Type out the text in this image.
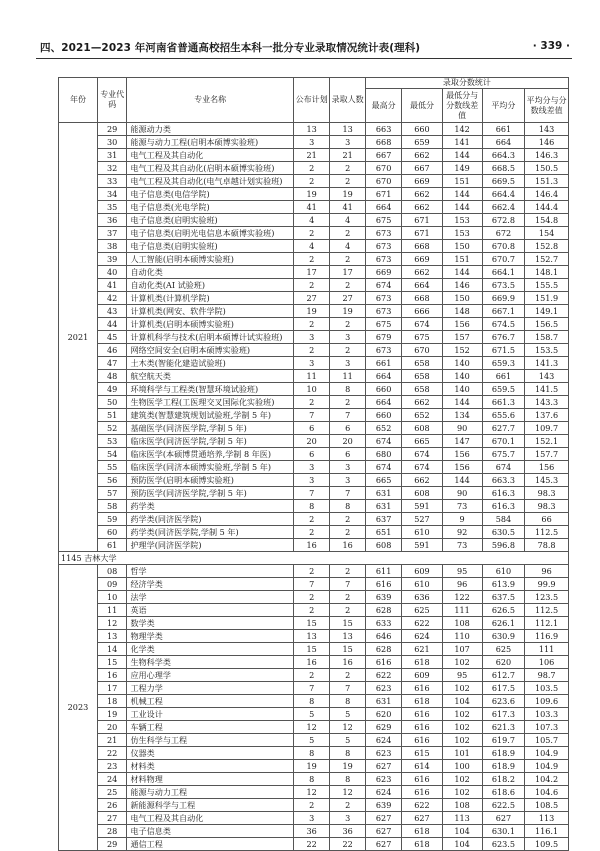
四、2021—2023 年河南省普通高校招生本科一批分专业录取情况统计表(理科)	· 339 ·
年份	专业代码	专业名称	公布计划	录取人数	录取分数统计				
					最高分	最低分	最低分与分数线差值	平均分	平均分与分数线差值
2021	29	能源动力类	13	13	663	660	142	661	143
	30	能源与动力工程(启明本硕博实验班)	3	3	668	659	141	664	146
	31	电气工程及其自动化	21	21	667	662	144	664.3	146.3
	32	电气工程及其自动化(启明本硕博实验班)	2	2	670	667	149	668.5	150.5
	33	电气工程及其自动化(电气卓越计划实验班)	2	2	670	669	151	669.5	151.3
	34	电子信息类(电信学院)	19	19	671	662	144	664.4	146.4
	35	电子信息类(光电学院)	41	41	664	662	144	662.4	144.4
	36	电子信息类(启明实验班)	4	4	675	671	153	672.8	154.8
	37	电子信息类(启明光电信息本硕博实验班)	2	2	673	671	153	672	154
	38	电子信息类(启明实验班)	4	4	673	668	150	670.8	152.8
	39	人工智能(启明本硕博实验班)	2	2	673	669	151	670.7	152.7
	40	自动化类	17	17	669	662	144	664.1	148.1
	41	自动化类(AI 试验班)	2	2	674	664	146	673.5	155.5
	42	计算机类(计算机学院)	27	27	673	668	150	669.9	151.9
	43	计算机类(网安、软件学院)	19	19	673	666	148	667.1	149.1
	44	计算机类(启明本硕博实验班)	2	2	675	674	156	674.5	156.5
	45	计算机科学与技术(启明本硕博计试实验班)	3	3	679	675	157	676.7	158.7
	46	网络空间安全(启明本硕博实验班)	2	2	673	670	152	671.5	153.5
	47	土木类(智能化建造试验班)	3	3	661	658	140	659.3	141.3
	48	航空航天类	11	11	664	658	140	661	143
	49	环境科学与工程类(智慧环境试验班)	10	8	660	658	140	659.5	141.5
	50	生物医学工程(工医理交叉国际化实验班)	2	2	664	662	144	661.3	143.3
	51	建筑类(智慧建筑规划试验班,学制 5 年)	7	7	660	652	134	655.6	137.6
	52	基础医学(同济医学院,学制 5 年)	6	6	652	608	90	627.7	109.7
	53	临床医学(同济医学院,学制 5 年)	20	20	674	665	147	670.1	152.1
	54	临床医学(本硕博贯通培养,学制 8 年医)	6	6	680	674	156	675.7	157.7
	55	临床医学(同济本硕博实验班,学制 5 年)	3	3	674	674	156	674	156
	56	预防医学(启明本硕博实验班)	3	3	665	662	144	663.3	145.3
	57	预防医学(同济医学院,学制 5 年)	7	7	631	608	90	616.3	98.3
	58	药学类	8	8	631	591	73	616.3	98.3
	59	药学类(同济医学院)	2	2	637	527	9	584	66
	60	药学类(同济医学院,学制 5 年)	2	2	651	610	92	630.5	112.5
	61	护理学(同济医学院)	16	16	608	591	73	596.8	78.8
1145 吉林大学									
2023	08	哲学	2	2	611	609	95	610	96
	09	经济学类	7	7	616	610	96	613.9	99.9
	10	法学	2	2	639	636	122	637.5	123.5
	11	英语	2	2	628	625	111	626.5	112.5
	12	数学类	15	15	633	622	108	626.1	112.1
	13	物理学类	13	13	646	624	110	630.9	116.9
	14	化学类	15	15	628	621	107	625	111
	15	生物科学类	16	16	616	618	102	620	106
	16	应用心理学	2	2	622	609	95	612.7	98.7
	17	工程力学	7	7	623	616	102	617.5	103.5
	18	机械工程	8	8	631	618	104	623.6	109.6
	19	工业设计	5	5	620	616	102	617.3	103.3
	20	车辆工程	12	12	629	616	102	621.3	107.3
	21	仿生科学与工程	5	5	624	616	102	619.7	105.7
	22	仪器类	8	8	623	615	101	618.9	104.9
	23	材料类	19	19	627	614	100	618.9	104.9
	24	材料物理	8	8	623	616	102	618.2	104.2
	25	能源与动力工程	12	12	624	616	102	618.6	104.6
	26	新能源科学与工程	2	2	639	622	108	622.5	108.5
	27	电气工程及其自动化	3	3	627	627	113	627	113
	28	电子信息类	36	36	627	618	104	630.1	116.1
	29	通信工程	22	22	627	618	104	623.5	109.5
